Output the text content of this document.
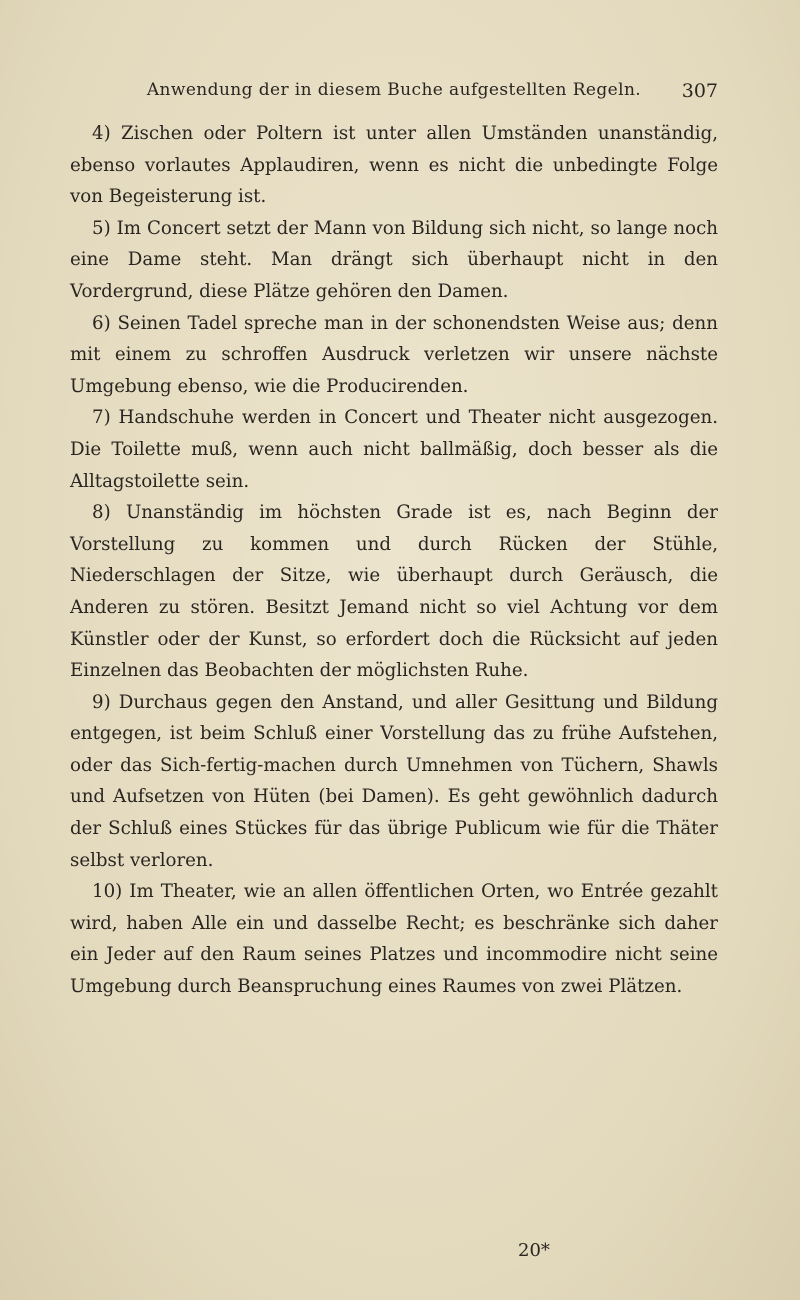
Anwendung der in diesem Buche aufgestellten Regeln.	307

4) Zischen oder Poltern ist unter allen Umständen unanständig, ebenso vorlautes Applaudiren, wenn es nicht die unbedingte Folge von Begeisterung ist.

5) Im Concert setzt der Mann von Bildung sich nicht, so lange noch eine Dame steht. Man drängt sich überhaupt nicht in den Vordergrund, diese Plätze gehören den Damen.

6) Seinen Tadel spreche man in der schonendsten Weise aus; denn mit einem zu schroffen Ausdruck verletzen wir unsere nächste Umgebung ebenso, wie die Producirenden.

7) Handschuhe werden in Concert und Theater nicht ausgezogen. Die Toilette muß, wenn auch nicht ballmäßig, doch besser als die Alltagstoilette sein.

8) Unanständig im höchsten Grade ist es, nach Beginn der Vorstellung zu kommen und durch Rücken der Stühle, Niederschlagen der Sitze, wie überhaupt durch Geräusch, die Anderen zu stören. Besitzt Jemand nicht so viel Achtung vor dem Künstler oder der Kunst, so erfordert doch die Rücksicht auf jeden Einzelnen das Beobachten der möglichsten Ruhe.

9) Durchaus gegen den Anstand, und aller Gesittung und Bildung entgegen, ist beim Schluß einer Vorstellung das zu frühe Aufstehen, oder das Sich-fertig-machen durch Umnehmen von Tüchern, Shawls und Aufsetzen von Hüten (bei Damen). Es geht gewöhnlich dadurch der Schluß eines Stückes für das übrige Publicum wie für die Thäter selbst verloren.

10) Im Theater, wie an allen öffentlichen Orten, wo Entrée gezahlt wird, haben Alle ein und dasselbe Recht; es beschränke sich daher ein Jeder auf den Raum seines Platzes und incommodire nicht seine Umgebung durch Beanspruchung eines Raumes von zwei Plätzen.

20*
